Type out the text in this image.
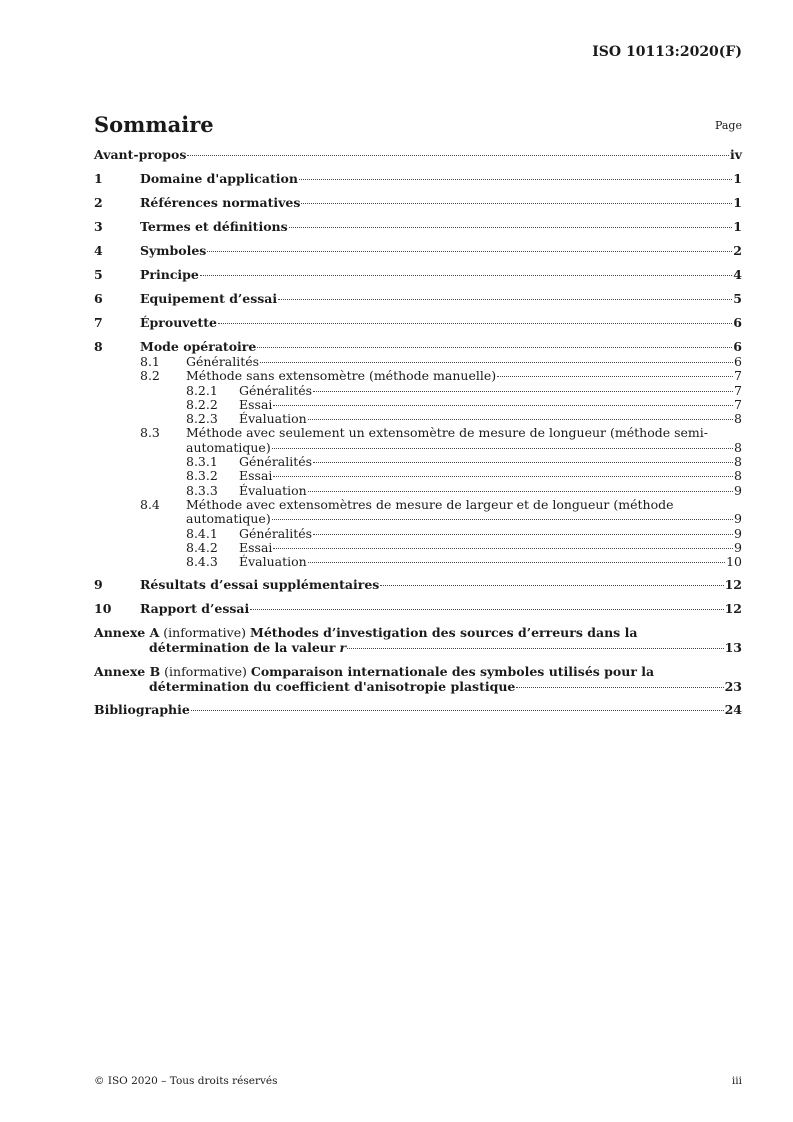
ISO 10113:2020(F)
Sommaire	Page
Avant-propos	iv
1	Domaine d'application	1
2	Références normatives	1
3	Termes et définitions	1
4	Symboles	2
5	Principe	4
6	Equipement d’essai	5
7	Éprouvette	6
8	Mode opératoire	6
8.1	Généralités	6
8.2	Méthode sans extensomètre (méthode manuelle)	7
8.2.1	Généralités	7
8.2.2	Essai	7
8.2.3	Évaluation	8
8.3	Méthode avec seulement un extensomètre de mesure de longueur (méthode semi-
automatique)	8
8.3.1	Généralités	8
8.3.2	Essai	8
8.3.3	Évaluation	9
8.4	Méthode avec extensomètres de mesure de largeur et de longueur (méthode
automatique)	9
8.4.1	Généralités	9
8.4.2	Essai	9
8.4.3	Évaluation	10
9	Résultats d’essai supplémentaires	12
10	Rapport d’essai	12
Annexe A (informative) Méthodes d’investigation des sources d’erreurs dans la
détermination de la valeur r	13
Annexe B (informative) Comparaison internationale des symboles utilisés pour la
détermination du coefficient d'anisotropie plastique	23
Bibliographie	24
© ISO 2020 – Tous droits réservés	iii
